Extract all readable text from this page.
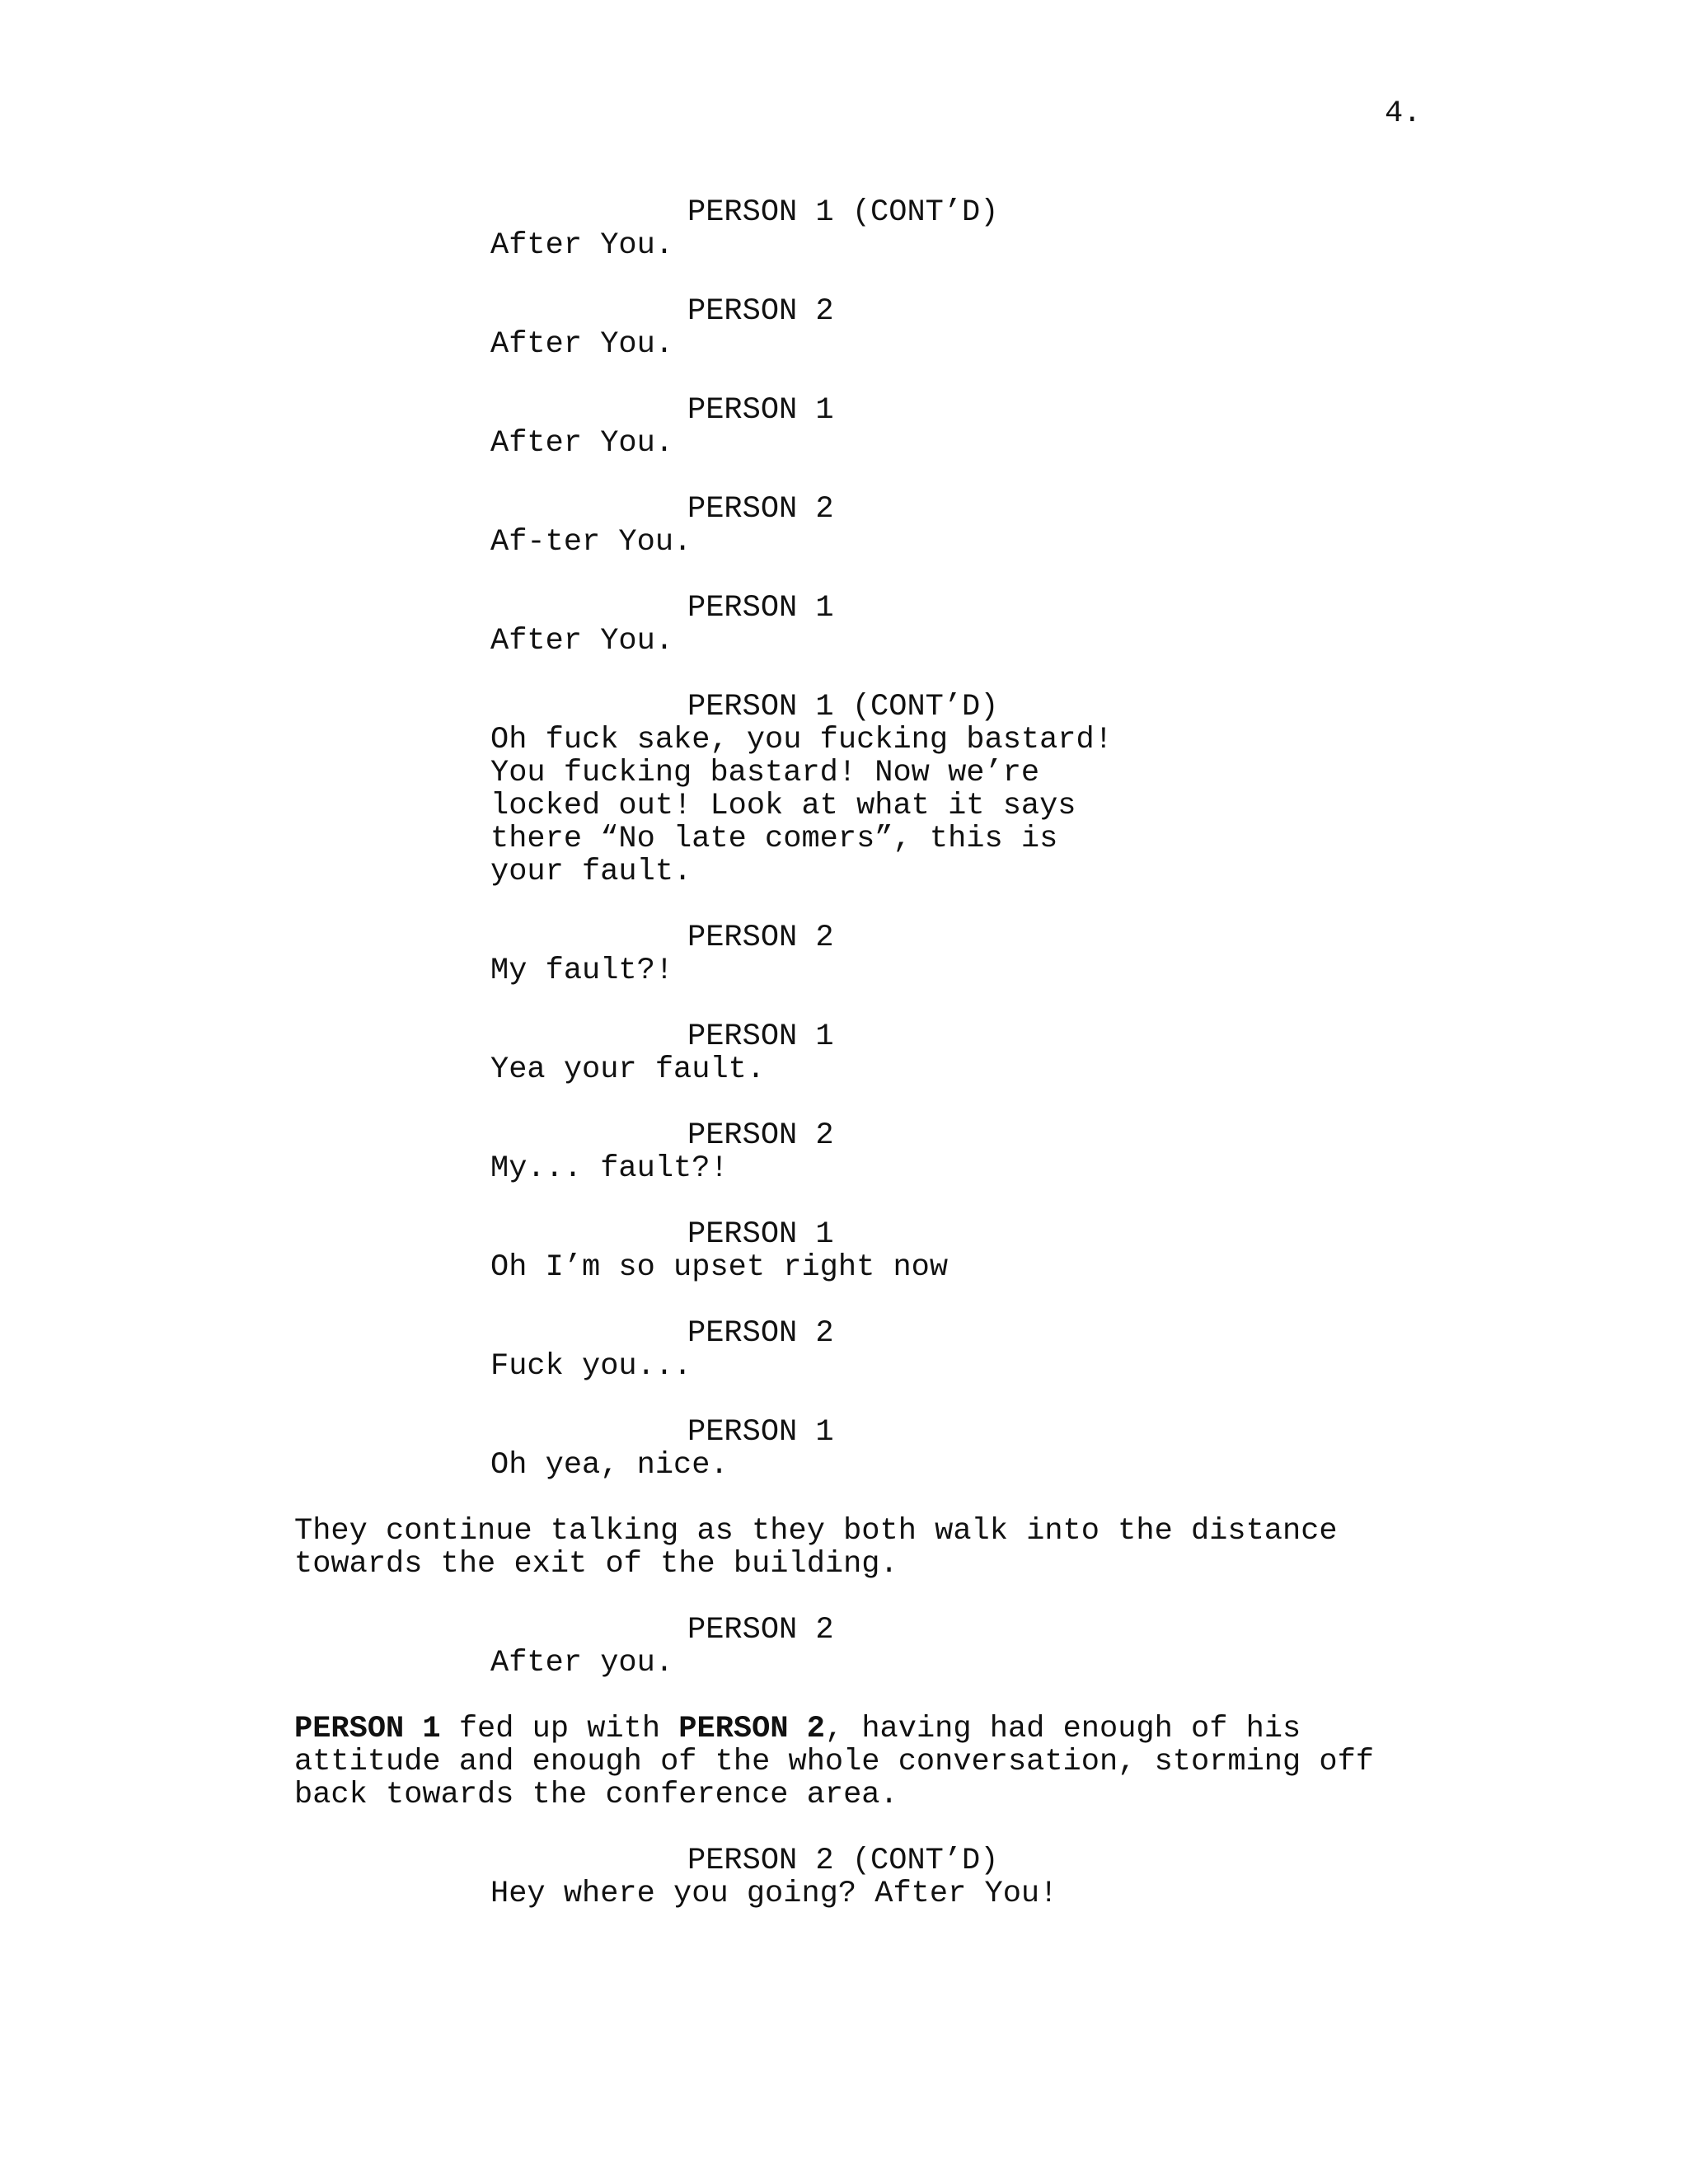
4.
PERSON 1 (CONT’D)
After You.
PERSON 2
After You.
PERSON 1
After You.
PERSON 2
Af-ter You.
PERSON 1
After You.
PERSON 1 (CONT’D)
Oh fuck sake, you fucking bastard!
You fucking bastard! Now we’re
locked out! Look at what it says
there “No late comers”, this is
your fault.
PERSON 2
My fault?!
PERSON 1
Yea your fault.
PERSON 2
My... fault?!
PERSON 1
Oh I’m so upset right now
PERSON 2
Fuck you...
PERSON 1
Oh yea, nice.
They continue talking as they both walk into the distance
towards the exit of the building.
PERSON 2
After you.
PERSON 1 fed up with PERSON 2, having had enough of his
attitude and enough of the whole conversation, storming off
back towards the conference area.
PERSON 2 (CONT’D)
Hey where you going? After You!
